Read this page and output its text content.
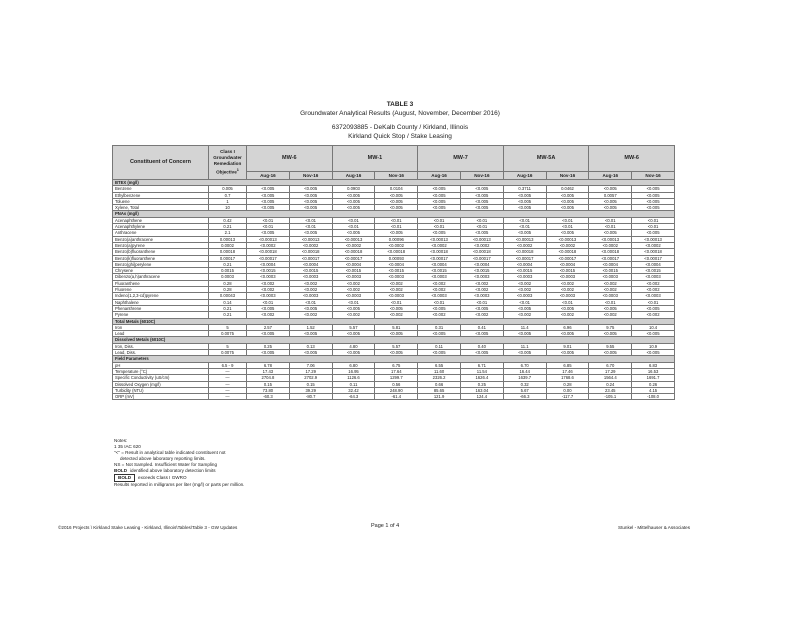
TABLE 3
Groundwater Analytical Results (August, November, December 2016)
6372093885 - DeKalb County / Kirkland, Illinois
Kirkland Quick Stop / Stake Leasing
Constituent of Concern	Class I Groundwater Remediation Objective$^1$	MW-6		MW-1		MW-7		MW-5A		MW-6	
		Aug-16	Nov-16	Aug-16	Nov-16	Aug-16	Nov-16	Aug-16	Nov-16	Aug-16	Nov-16
BTEX (mg/l)											
Benzene	0.005	<0.005	<0.005	0.0903	0.0104	<0.005	<0.005	0.3711	0.0462	<0.005	<0.005
Ethylbenzene	0.7	<0.005	<0.005	<0.005	<0.005	<0.005	<0.005	<0.005	<0.005	0.0057	<0.005
Toluene	1	<0.005	<0.005	<0.005	<0.005	<0.005	<0.005	<0.005	<0.005	<0.005	<0.005
Xylene, Total	10	<0.005	<0.005	<0.005	<0.005	<0.005	<0.005	<0.005	<0.005	<0.005	<0.005
PNAs (mg/l)											
Acenaphthene	0.42	<0.01	<0.01	<0.01	<0.01	<0.01	<0.01	<0.01	<0.01	<0.01	<0.01
Acenaphthylene	0.21	<0.01	<0.01	<0.01	<0.01	<0.01	<0.01	<0.01	<0.01	<0.01	<0.01
Anthracene	2.1	<0.005	<0.005	<0.005	<0.005	<0.005	<0.005	<0.005	<0.005	<0.005	<0.005
Benzo(a)anthracene	0.00013	<0.00013	<0.00013	<0.00013	0.00096	<0.00013	<0.00013	<0.00013	<0.00013	<0.00013	<0.00013
Benzo(a)pyrene	0.0002	<0.0002	<0.0002	<0.0002	<0.0002	<0.0002	<0.0002	<0.0002	<0.0002	<0.0002	<0.0002
Benzo(b)fluoranthene	0.00018	<0.00018	<0.00018	<0.00018	<0.00018	<0.00018	<0.00018	<0.00018	<0.00018	<0.00018	<0.00018
Benzo(k)fluoranthene	0.00017	<0.00017	<0.00017	<0.00017	0.00093	<0.00017	<0.00017	<0.00017	<0.00017	<0.00017	<0.00017
Benzo(ghi)perylene	0.21	<0.0004	<0.0004	<0.0004	<0.0004	<0.0004	<0.0004	<0.0004	<0.0004	<0.0004	<0.0004
Chrysene	0.0015	<0.0015	<0.0015	<0.0015	<0.0015	<0.0015	<0.0015	<0.0015	<0.0015	<0.0015	<0.0015
Dibenzo(a,h)anthracene	0.0003	<0.0003	<0.0003	<0.0003	<0.0003	<0.0003	<0.0003	<0.0003	<0.0003	<0.0003	<0.0003
Fluoranthene	0.28	<0.002	<0.002	<0.002	<0.002	<0.002	<0.002	<0.002	<0.002	<0.002	<0.002
Fluorene	0.28	<0.002	<0.002	<0.002	<0.002	<0.002	<0.002	<0.002	<0.002	<0.002	<0.002
Indeno(1,2,3-cd)pyrene	0.00043	<0.0003	<0.0003	<0.0003	<0.0003	<0.0003	<0.0003	<0.0003	<0.0003	<0.0003	<0.0003
Naphthalene	0.14	<0.01	<0.01	<0.01	<0.01	<0.01	<0.01	<0.01	<0.01	<0.01	<0.01
Phenanthrene	0.21	<0.005	<0.005	<0.005	<0.005	<0.005	<0.005	<0.005	<0.005	<0.005	<0.005
Pyrene	0.21	<0.002	<0.002	<0.002	<0.002	<0.002	<0.002	<0.002	<0.002	<0.002	<0.002
Total Metals (6010C)											
Iron	5	2.57	1.52	5.57	5.81	0.31	0.41	11.4	6.96	9.75	10.4
Lead	0.0075	<0.005	<0.005	<0.005	<0.005	<0.005	<0.005	<0.005	<0.005	<0.005	<0.005
Dissolved Metals (6010C)											
Iron, Diss.	5	0.25	0.13	4.80	5.57	0.11	0.40	11.1	9.01	9.55	10.9
Lead, Diss.	0.0075	<0.005	<0.005	<0.005	<0.005	<0.005	<0.005	<0.005	<0.005	<0.005	<0.005
Field Parameters											
pH	6.5 - 9	6.78	7.06	6.80	6.75	6.55	6.71	6.70	6.85	6.70	6.83
Temperature (°C)	—	17.43	17.29	16.95	17.64	11.60	11.54	16.44	17.46	17.29	16.53
Specific Conductivity (uS/cm)	—	2704.8	2702.9	1126.6	1299.7	2326.2	1626.4	1639.7	1768.6	1564.4	1691.7
Dissolved Oxygen (mg/l)	—	0.15	0.15	0.11	0.56	0.66	0.25	0.32	0.28	0.24	0.26
Turbidity (NTU)	—	73.80	39.29	32.42	248.90	85.65	163.04	5.67	0.00	23.45	4.15
ORP (mV)	—	-60.3	-80.7	-64.3	-61.4	121.9	124.4	-66.3	-117.7	-105.1	-108.0
Notes:
1 35 IAC 620
"<" = Result in analytical table indicated constituent not
detected above laboratory reporting limits.
NS = Not Sampled. Insufficient Water for Sampling
BOLD identified above laboratory detection limits
BOLD exceeds Class I GWRO
Results reported in milligrams per liter (mg/l) or parts per million.
©2016 Projects \ Kirkland Stake Leasing - Kirkland, Illinois\Tables\Table 3 - GW Updates	Page 1 of 4	Stunkel - Mittelhauser & Associates
